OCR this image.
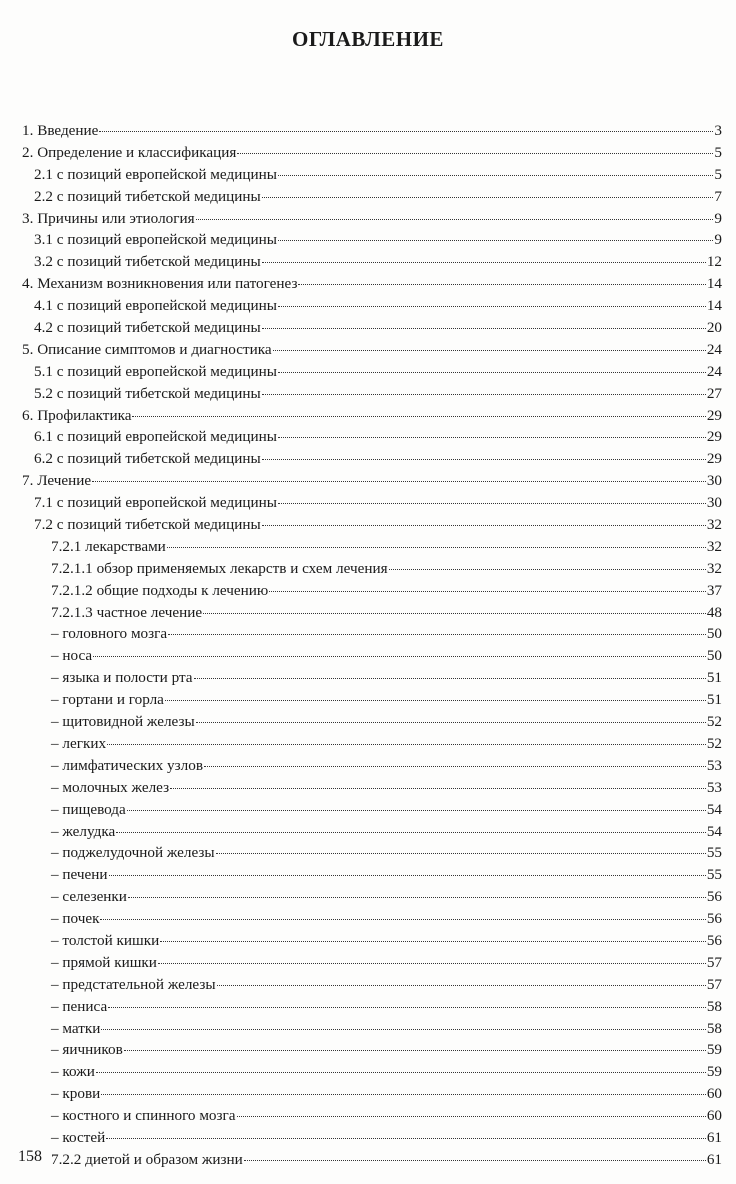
ОГЛАВЛЕНИЕ
1. Введение	3
2. Определение и классификация	5
2.1 с позиций европейской медицины	5
2.2 с позиций тибетской медицины	7
3. Причины или этиология	9
3.1 с позиций европейской медицины	9
3.2 с позиций тибетской медицины	12
4. Механизм возникновения или патогенез	14
4.1 с позиций европейской медицины	14
4.2 с позиций тибетской медицины	20
5. Описание симптомов и диагностика	24
5.1 с позиций европейской медицины	24
5.2 с позиций тибетской медицины	27
6. Профилактика	29
6.1 с позиций европейской медицины	29
6.2 с позиций тибетской медицины	29
7. Лечение	30
7.1 с позиций европейской медицины	30
7.2 с позиций тибетской медицины	32
7.2.1 лекарствами	32
7.2.1.1 обзор применяемых лекарств и схем лечения	32
7.2.1.2 общие подходы к лечению	37
7.2.1.3 частное лечение	48
– головного мозга	50
– носа	50
– языка и полости рта	51
– гортани и горла	51
– щитовидной железы	52
– легких	52
– лимфатических узлов	53
– молочных желез	53
– пищевода	54
– желудка	54
– поджелудочной железы	55
– печени	55
– селезенки	56
– почек	56
– толстой кишки	56
– прямой кишки	57
– предстательной железы	57
– пениса	58
– матки	58
– яичников	59
– кожи	59
– крови	60
– костного и спинного мозга	60
– костей	61
7.2.2 диетой и образом жизни	61
158
